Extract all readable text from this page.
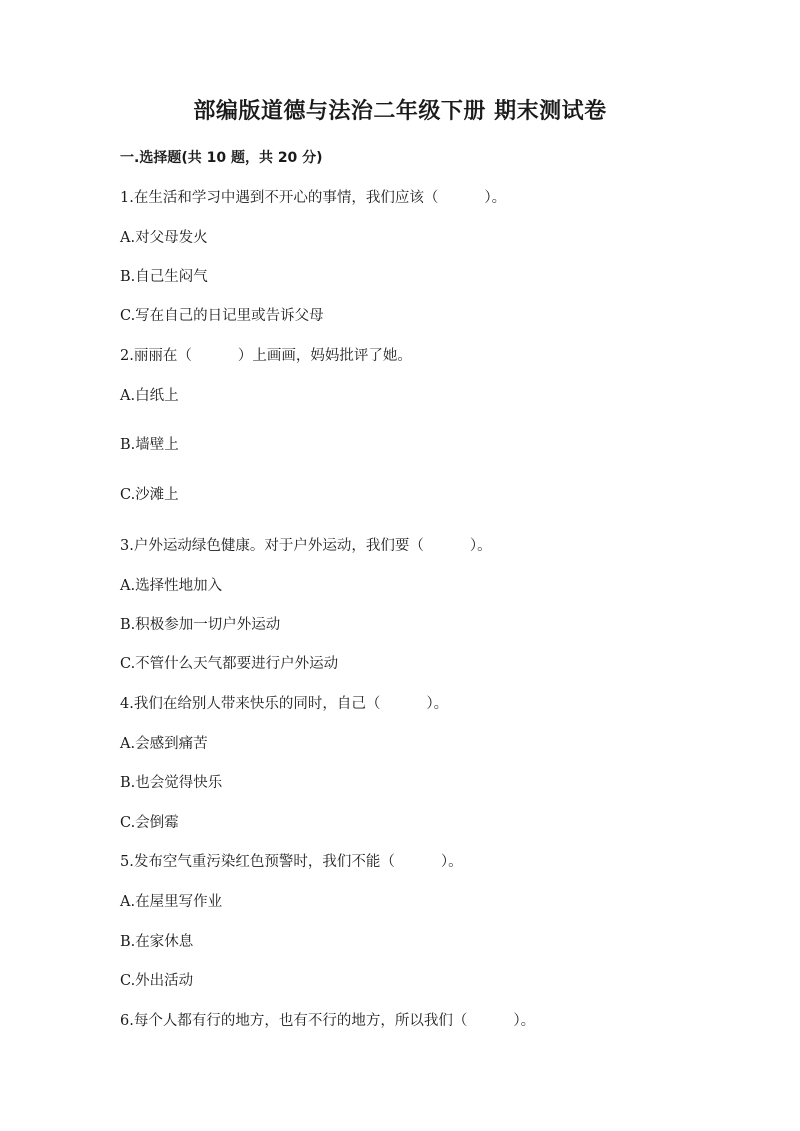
部编版道德与法治二年级下册 期末测试卷
一.选择题(共 10 题，共 20 分)
1.在生活和学习中遇到不开心的事情，我们应该（          ）。
A.对父母发火
B.自己生闷气
C.写在自己的日记里或告诉父母
2.丽丽在（          ）上画画，妈妈批评了她。
A.白纸上
B.墙壁上
C.沙滩上
3.户外运动绿色健康。对于户外运动，我们要（          ）。
A.选择性地加入
B.积极参加一切户外运动
C.不管什么天气都要进行户外运动
4.我们在给别人带来快乐的同时，自己（          ）。
A.会感到痛苦
B.也会觉得快乐
C.会倒霉
5.发布空气重污染红色预警时，我们不能（          ）。
A.在屋里写作业
B.在家休息
C.外出活动
6.每个人都有行的地方，也有不行的地方，所以我们（          ）。
